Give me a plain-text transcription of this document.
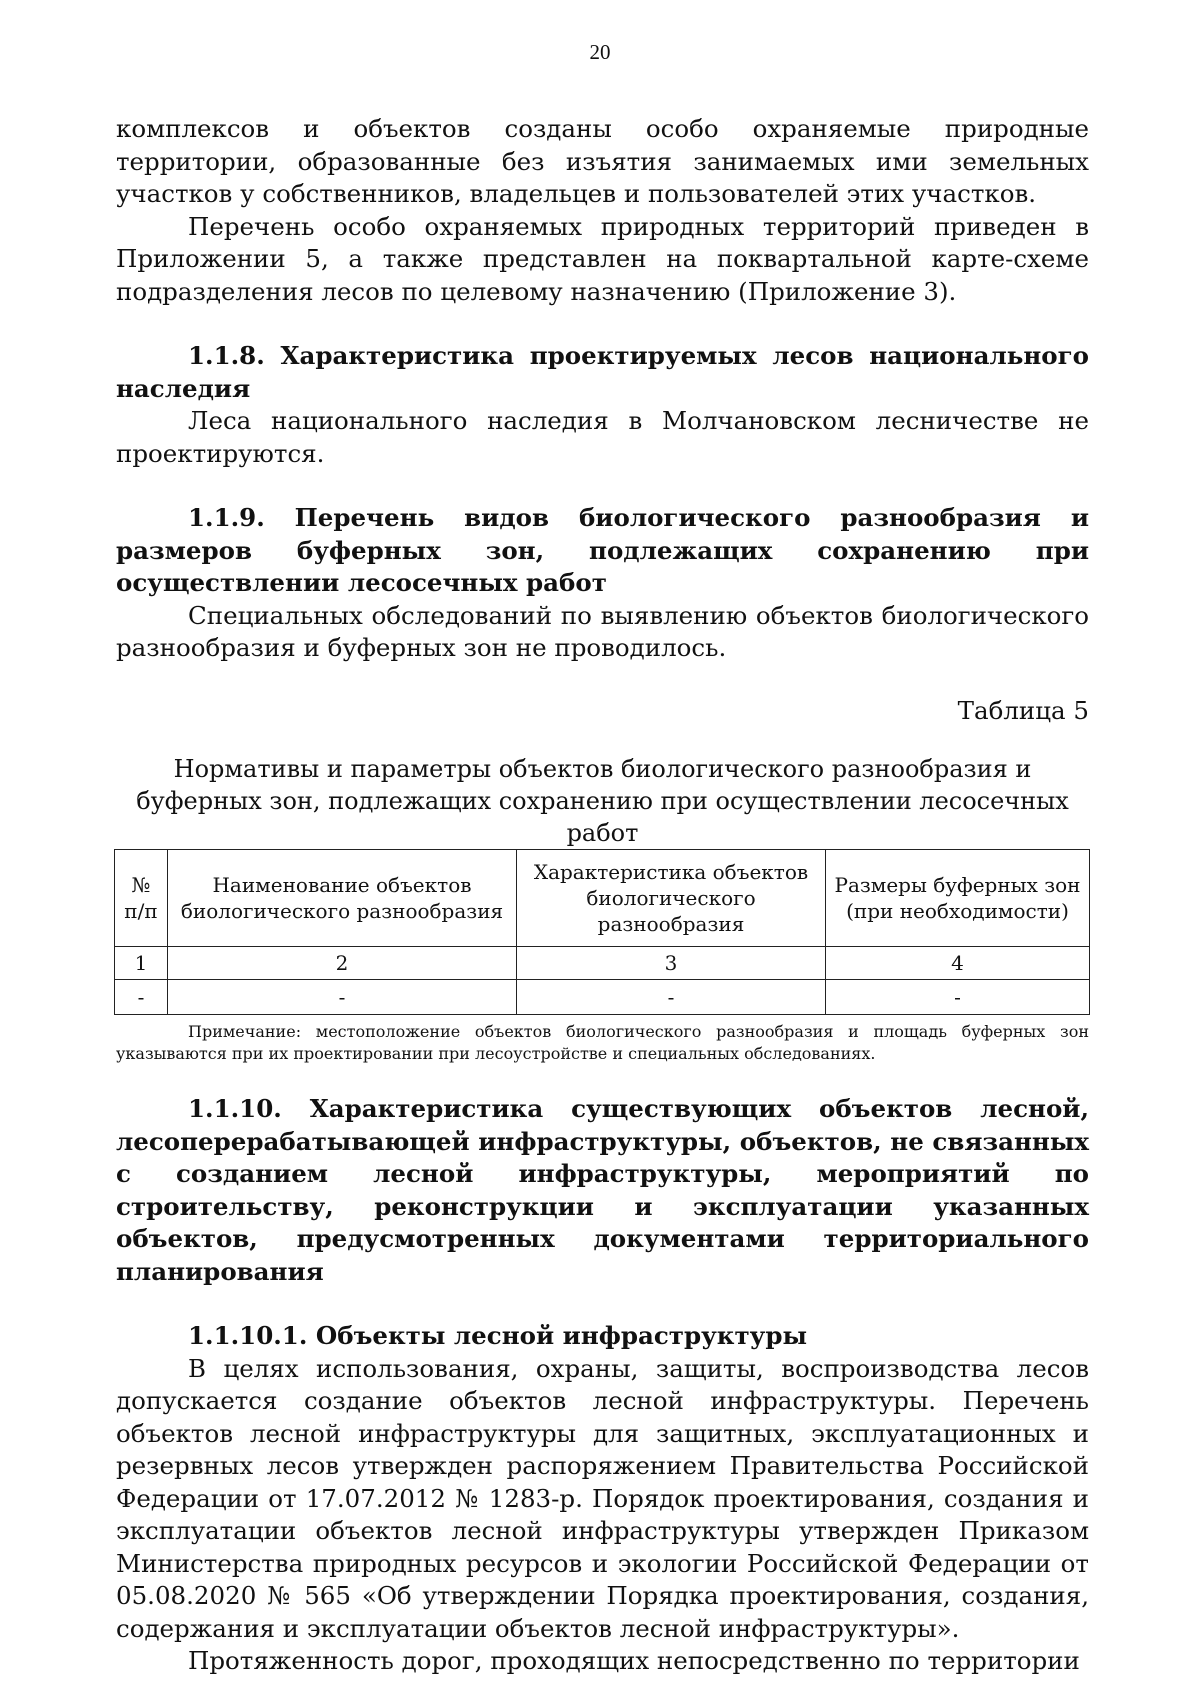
20

комплексов и объектов созданы особо охраняемые природные территории, образованные без изъятия занимаемых ими земельных участков у собственников, владельцев и пользователей этих участков.

Перечень особо охраняемых природных территорий приведен в Приложении 5, а также представлен на поквартальной карте-схеме подразделения лесов по целевому назначению (Приложение 3).

1.1.8. Характеристика проектируемых лесов национального наследия

Леса национального наследия в Молчановском лесничестве не проектируются.

1.1.9. Перечень видов биологического разнообразия и размеров буферных зон, подлежащих сохранению при осуществлении лесосечных работ

Специальных обследований по выявлению объектов биологического разнообразия и буферных зон не проводилось.

Таблица 5

Нормативы и параметры объектов биологического разнообразия и
буферных зон, подлежащих сохранению при осуществлении лесосечных работ
№
п/п	Наименование объектов биологического разнообразия	Характеристика объектов биологического разнообразия	Размеры буферных зон (при необходимости)
1	2	3	4
-	-	-	-

Примечание: местоположение объектов биологического разнообразия и площадь буферных зон указываются при их проектировании при лесоустройстве и специальных обследованиях.

1.1.10. Характеристика существующих объектов лесной, лесоперерабатывающей инфраструктуры, объектов, не связанных с созданием лесной инфраструктуры, мероприятий по строительству, реконструкции и эксплуатации указанных объектов, предусмотренных документами территориального планирования

1.1.10.1. Объекты лесной инфраструктуры

В целях использования, охраны, защиты, воспроизводства лесов допускается создание объектов лесной инфраструктуры. Перечень объектов лесной инфраструктуры для защитных, эксплуатационных и резервных лесов утвержден распоряжением Правительства Российской Федерации от 17.07.2012 № 1283-р. Порядок проектирования, создания и эксплуатации объектов лесной инфраструктуры утвержден Приказом Министерства природных ресурсов и экологии Российской Федерации от 05.08.2020 № 565 «Об утверждении Порядка проектирования, создания, содержания и эксплуатации объектов лесной инфраструктуры».

Протяженность дорог, проходящих непосредственно по территории
